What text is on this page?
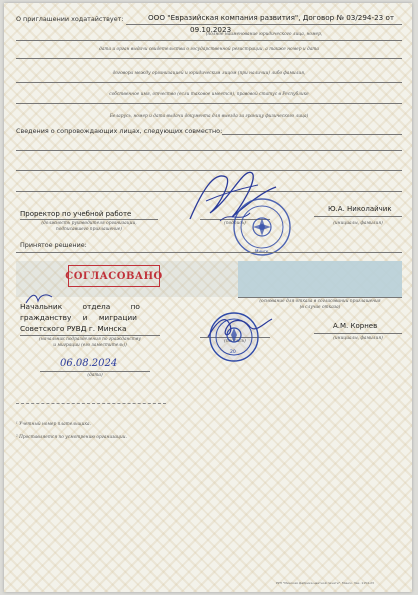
О приглашении ходатайствует:	ООО "Евразийская компания развития", Договор № 03/294-23 от
09.10.2023
(полное наименование юридического лица, номер,
дата и орган выдачи свидетельства о государственной регистрации, а также номер и дата
договора между организацией и юридическим лицом (при наличии) либо фамилия,
собственное имя, отчество (если таковое имеется), правовой статус в Республике
Беларусь, номер и дата выдачи документа для выезда за границу физического лица)
Сведения о сопровождающих лицах, следующих совместно:
Проректор по учебной работе
(должность руководителя организации,
подписавшего приглашение)
(подпись)
Ю.А. Николайчик
(инициалы, фамилия)
Минск
Принятое решение:
СОГЛАСОВАНО
(основание для отказа в согласовании приглашения
(в случае отказа)
Начальник отдела по
гражданству и миграции
Советского РУВД г. Минска
(начальник подразделения по гражданству
и миграции (его заместитель))
А.М. Корнев
(инициалы, фамилия)
20
06.08.2024
(дата)
¹ Учетный номер плательщика.
² Проставляется по усмотрению организации.
РУП "Минская фабрика цветной печати". Минск. Зак. 1154-23
